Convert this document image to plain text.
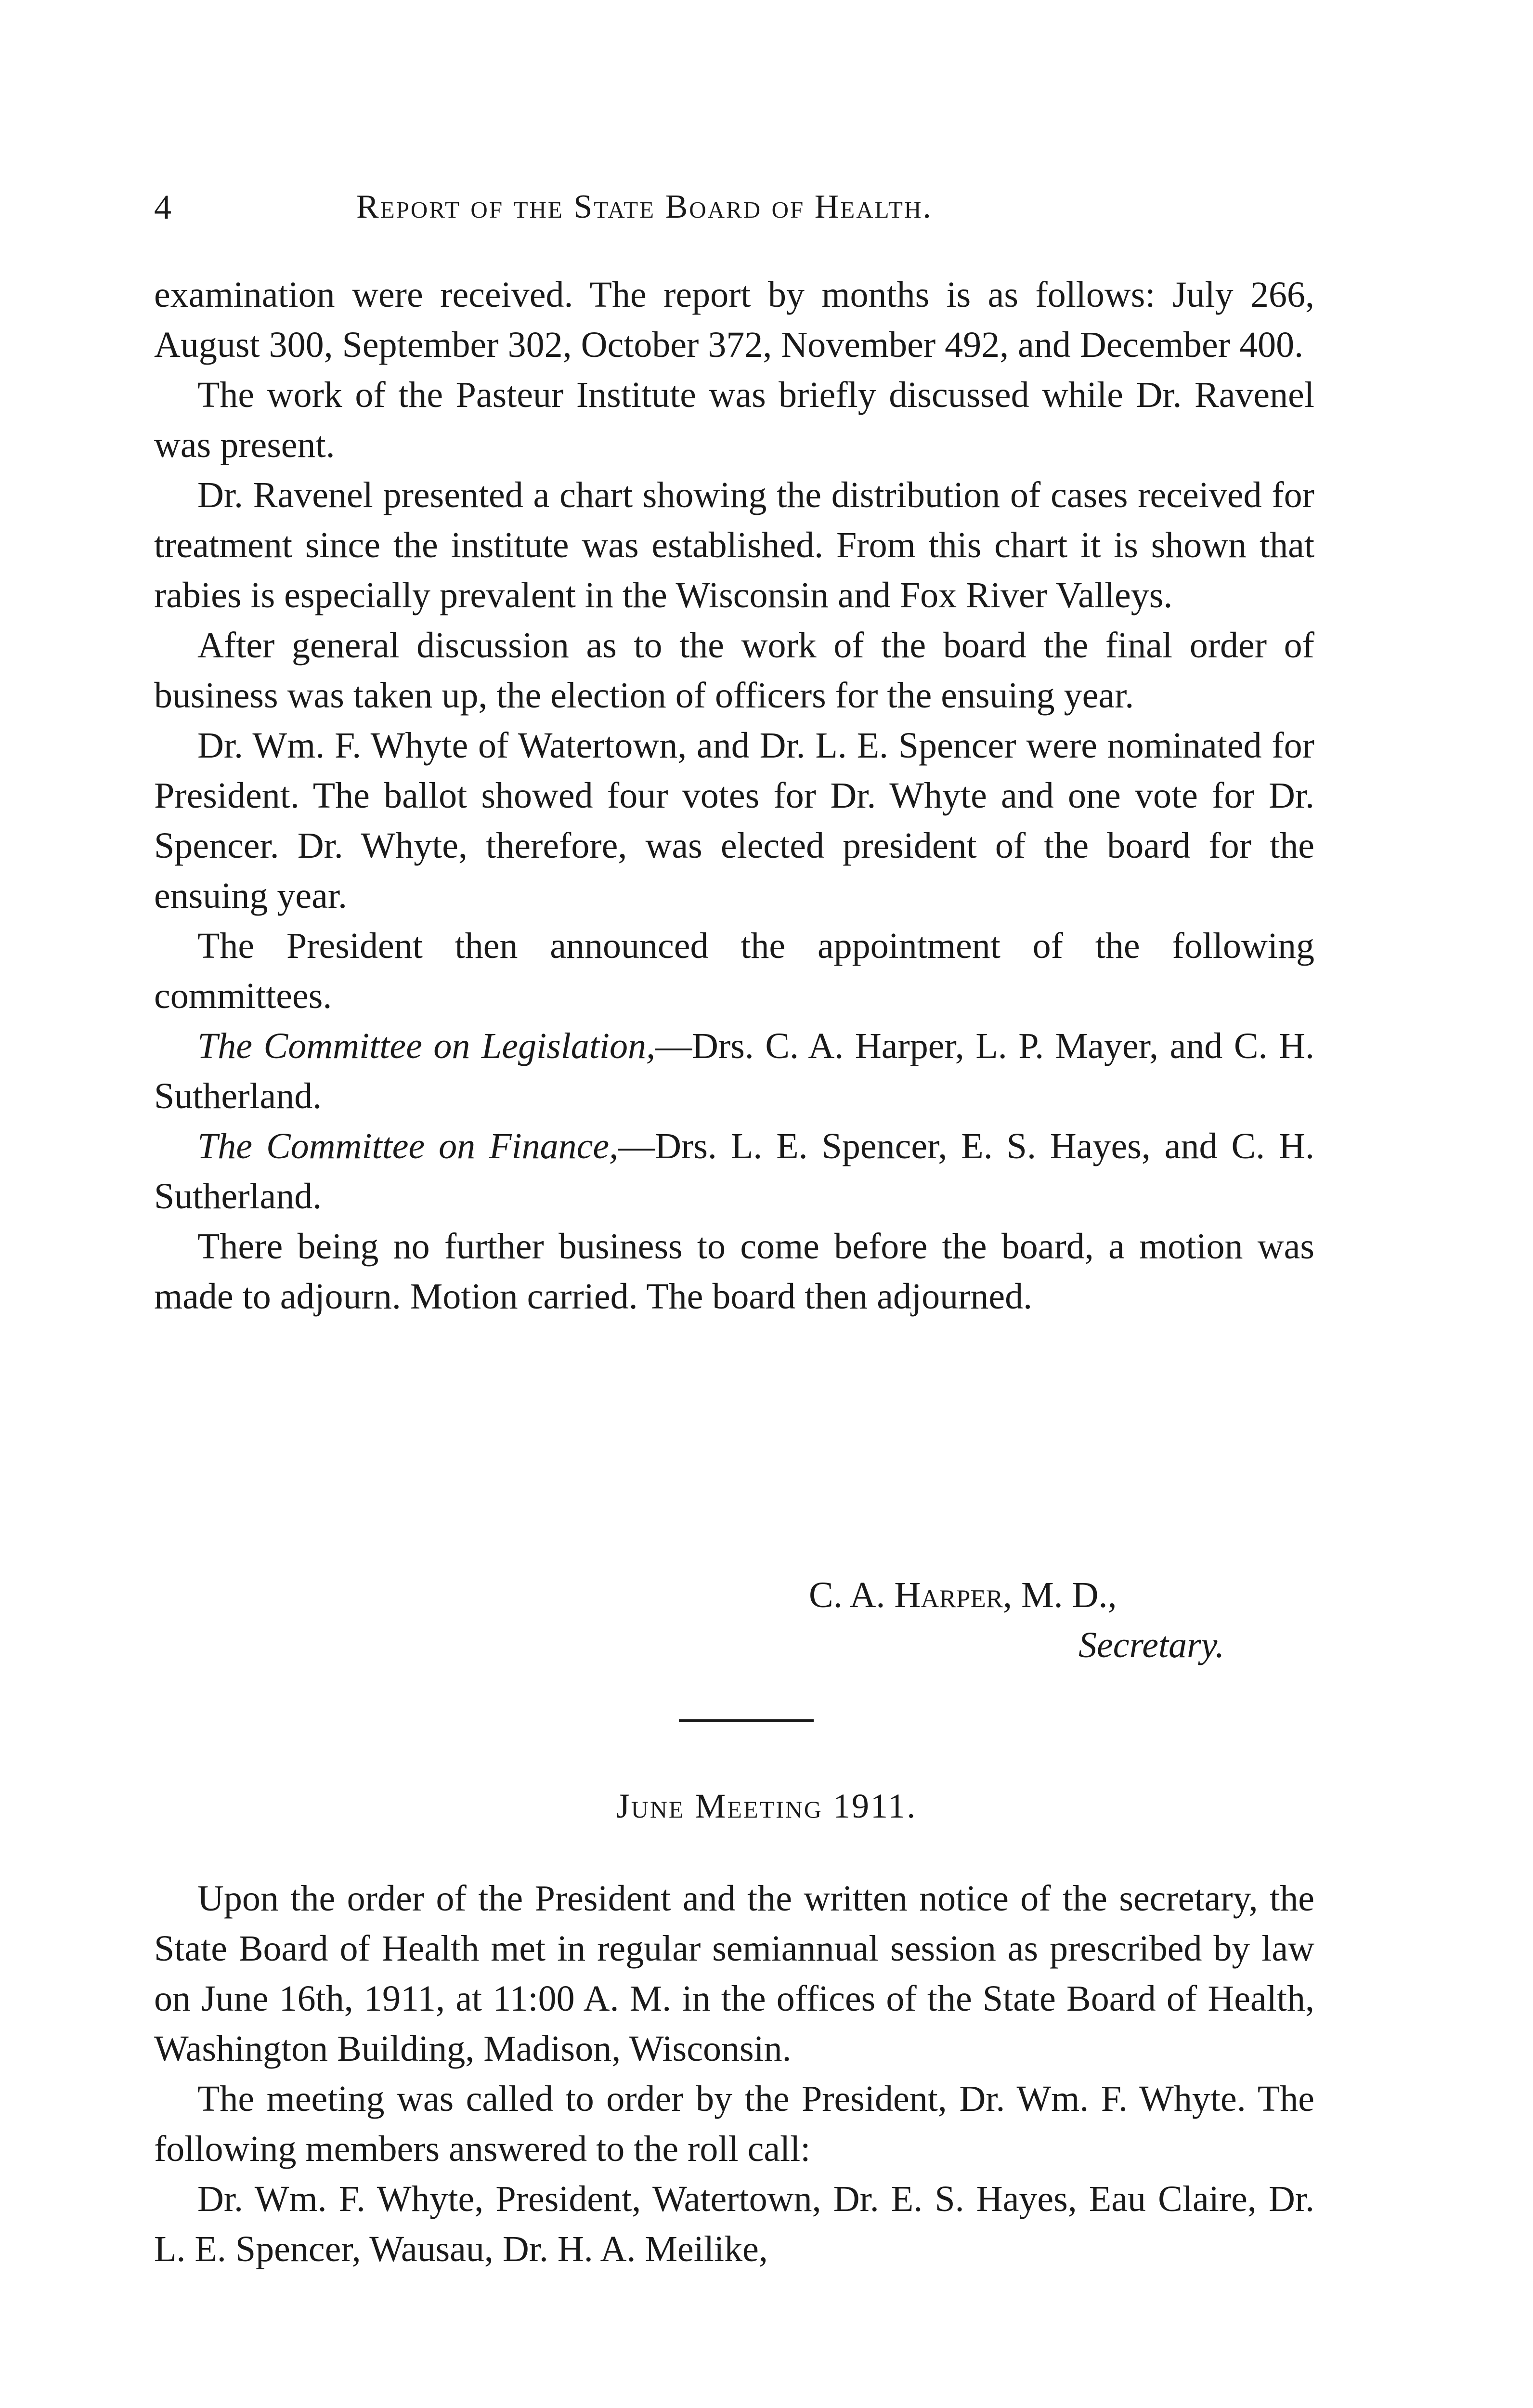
4	Report of the State Board of Health.

examination were received. The report by months is as follows: July 266, August 300, September 302, October 372, November 492, and December 400.

The work of the Pasteur Institute was briefly discussed while Dr. Ravenel was present.

Dr. Ravenel presented a chart showing the distribution of cases received for treatment since the institute was established. From this chart it is shown that rabies is especially prevalent in the Wisconsin and Fox River Valleys.

After general discussion as to the work of the board the final order of business was taken up, the election of officers for the ensuing year.

Dr. Wm. F. Whyte of Watertown, and Dr. L. E. Spencer were nominated for President. The ballot showed four votes for Dr. Whyte and one vote for Dr. Spencer. Dr. Whyte, therefore, was elected president of the board for the ensuing year.

The President then announced the appointment of the following committees.

The Committee on Legislation,—Drs. C. A. Harper, L. P. Mayer, and C. H. Sutherland.

The Committee on Finance,—Drs. L. E. Spencer, E. S. Hayes, and C. H. Sutherland.

There being no further business to come before the board, a motion was made to adjourn. Motion carried. The board then adjourned.

C. A. Harper, M. D.,
Secretary.
June Meeting 1911.

Upon the order of the President and the written notice of the secretary, the State Board of Health met in regular semiannual session as prescribed by law on June 16th, 1911, at 11:00 A. M. in the offices of the State Board of Health, Washington Building, Madison, Wisconsin.

The meeting was called to order by the President, Dr. Wm. F. Whyte. The following members answered to the roll call:

Dr. Wm. F. Whyte, President, Watertown, Dr. E. S. Hayes, Eau Claire, Dr. L. E. Spencer, Wausau, Dr. H. A. Meilike,
